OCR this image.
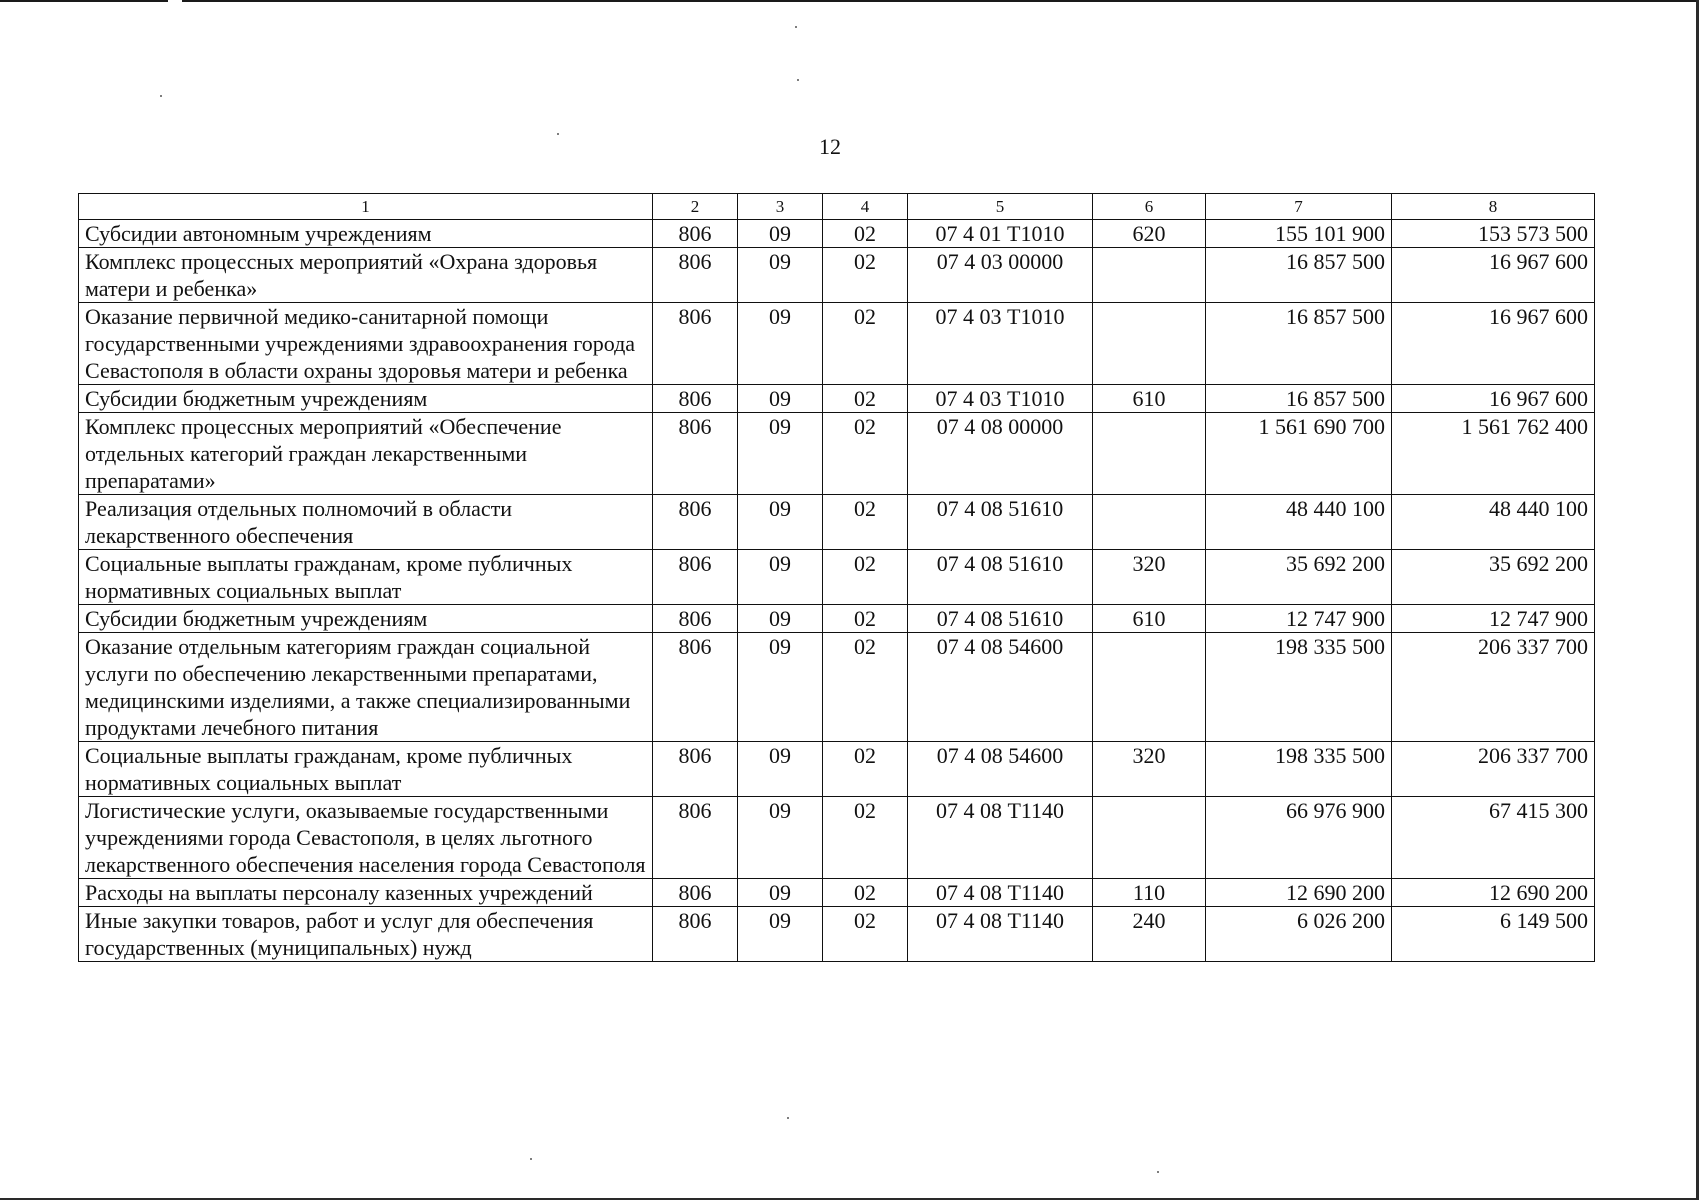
12
1	2	3	4	5	6	7	8
Субсидии автономным учреждениям	806	09	02	07 4 01 Т1010	620	155 101 900	153 573 500
Комплекс процессных мероприятий «Охрана здоровья матери и ребенка»	806	09	02	07 4 03 00000		16 857 500	16 967 600
Оказание первичной медико-санитарной помощи государственными учреждениями здравоохранения города Севастополя в области охраны здоровья матери и ребенка	806	09	02	07 4 03 Т1010		16 857 500	16 967 600
Субсидии бюджетным учреждениям	806	09	02	07 4 03 Т1010	610	16 857 500	16 967 600
Комплекс процессных мероприятий «Обеспечение отдельных категорий граждан лекарственными препаратами»	806	09	02	07 4 08 00000		1 561 690 700	1 561 762 400
Реализация отдельных полномочий в области лекарственного обеспечения	806	09	02	07 4 08 51610		48 440 100	48 440 100
Социальные выплаты гражданам, кроме публичных нормативных социальных выплат	806	09	02	07 4 08 51610	320	35 692 200	35 692 200
Субсидии бюджетным учреждениям	806	09	02	07 4 08 51610	610	12 747 900	12 747 900
Оказание отдельным категориям граждан социальной услуги по обеспечению лекарственными препаратами, медицинскими изделиями, а также специализированными продуктами лечебного питания	806	09	02	07 4 08 54600		198 335 500	206 337 700
Социальные выплаты гражданам, кроме публичных нормативных социальных выплат	806	09	02	07 4 08 54600	320	198 335 500	206 337 700
Логистические услуги, оказываемые государственными учреждениями города Севастополя, в целях льготного лекарственного обеспечения населения города Севастополя	806	09	02	07 4 08 Т1140		66 976 900	67 415 300
Расходы на выплаты персоналу казенных учреждений	806	09	02	07 4 08 Т1140	110	12 690 200	12 690 200
Иные закупки товаров, работ и услуг для обеспечения государственных (муниципальных) нужд	806	09	02	07 4 08 Т1140	240	6 026 200	6 149 500
